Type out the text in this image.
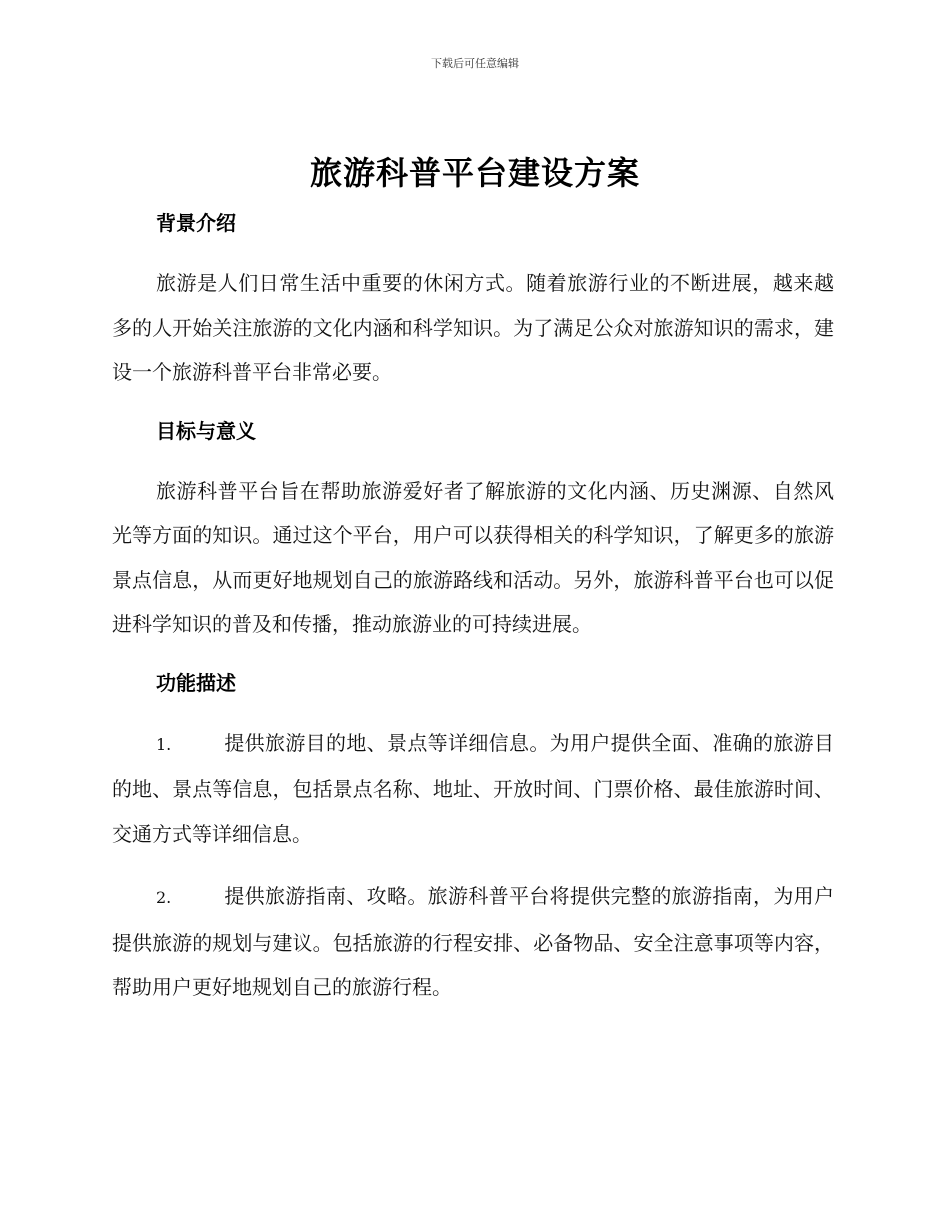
下载后可任意编辑
旅游科普平台建设方案
背景介绍

旅游是人们日常生活中重要的休闲方式。随着旅游行业的不断进展，越来越多的人开始关注旅游的文化内涵和科学知识。为了满足公众对旅游知识的需求，建设一个旅游科普平台非常必要。

目标与意义

旅游科普平台旨在帮助旅游爱好者了解旅游的文化内涵、历史渊源、自然风光等方面的知识。通过这个平台，用户可以获得相关的科学知识，了解更多的旅游景点信息，从而更好地规划自己的旅游路线和活动。另外，旅游科普平台也可以促进科学知识的普及和传播，推动旅游业的可持续进展。

功能描述

1.	提供旅游目的地、景点等详细信息。为用户提供全面、准确的旅游目的地、景点等信息，包括景点名称、地址、开放时间、门票价格、最佳旅游时间、交通方式等详细信息。

2.	提供旅游指南、攻略。旅游科普平台将提供完整的旅游指南，为用户提供旅游的规划与建议。包括旅游的行程安排、必备物品、安全注意事项等内容，帮助用户更好地规划自己的旅游行程。
